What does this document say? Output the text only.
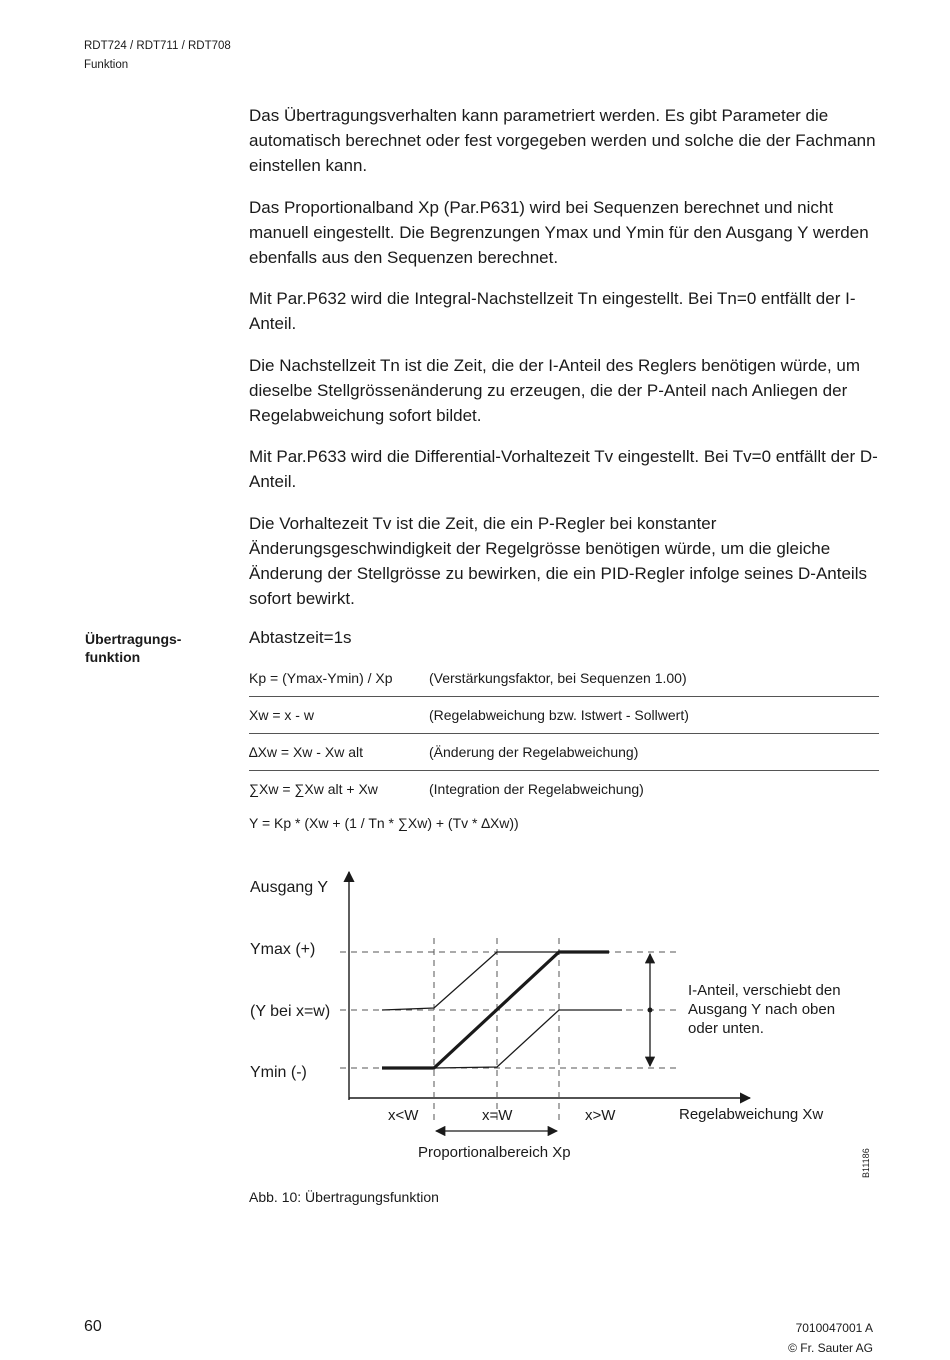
RDT724 / RDT711 / RDT708
Funktion

Das Übertragungsverhalten kann parametriert werden. Es gibt Parameter die automatisch berechnet oder fest vorgegeben werden und solche die der Fachmann einstellen kann.

Das Proportionalband Xp (Par.P631) wird bei Sequenzen berechnet und nicht manuell eingestellt. Die Begrenzungen Ymax und Ymin für den Ausgang Y werden ebenfalls aus den Sequenzen berechnet.

Mit Par.P632 wird die Integral-Nachstellzeit Tn eingestellt. Bei Tn=0 entfällt der I-Anteil.

Die Nachstellzeit Tn ist die Zeit, die der I-Anteil des Reglers benötigen würde, um dieselbe Stellgrössenänderung zu erzeugen, die der P-Anteil nach Anliegen der Regelabweichung sofort bildet.

Mit Par.P633 wird die Differential-Vorhaltezeit Tv eingestellt. Bei Tv=0 entfällt der D-Anteil.

Die Vorhaltezeit Tv ist die Zeit, die ein P-Regler bei konstanter Änderungsgeschwindigkeit der Regelgrösse benötigen würde, um die gleiche Änderung der Stellgrösse zu bewirken, die ein PID-Regler infolge seines D-Anteils sofort bewirkt.

Übertragungs-
funktion
Abtastzeit=1s
Kp = (Ymax-Ymin) / Xp	(Verstärkungsfaktor, bei Sequenzen 1.00)
Xw = x - w	(Regelabweichung bzw. Istwert - Sollwert)
∆Xw = Xw - Xw alt	(Änderung der Regelabweichung)
∑Xw = ∑Xw alt + Xw	(Integration der Regelabweichung)
Y = Kp * (Xw + (1 / Tn * ∑Xw) + (Tv * ∆Xw))
Ausgang Y
Ymax (+)
(Y bei x=w)
Ymin (-)
x<W	x=W	x>W	Regelabweichung Xw
Proportionalbereich Xp
I-Anteil, verschiebt den
Ausgang Y nach oben
oder unten.
B11186
Abb. 10: Übertragungsfunktion
60	7010047001 A
© Fr. Sauter AG
